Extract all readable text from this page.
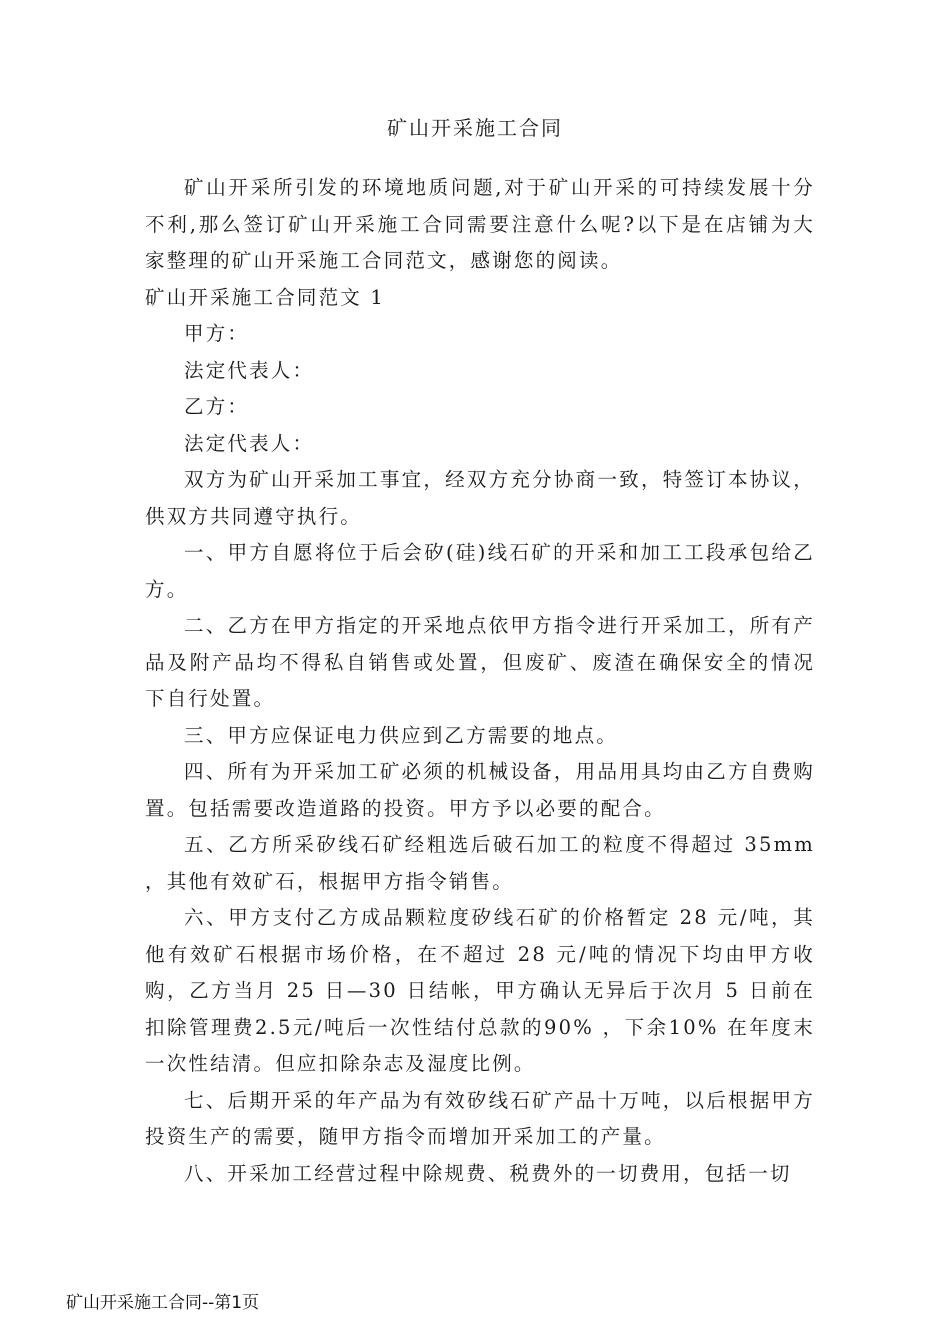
矿山开采施工合同

矿山开采所引发的环境地质问题,对于矿山开采的可持续发展十分不利,那么签订矿山开采施工合同需要注意什么呢?以下是在店铺为大家整理的矿山开采施工合同范文，感谢您的阅读。

矿山开采施工合同范文 1

甲方：

法定代表人：

乙方：

法定代表人：

双方为矿山开采加工事宜，经双方充分协商一致，特签订本协议，供双方共同遵守执行。

一、甲方自愿将位于后会矽(硅)线石矿的开采和加工工段承包给乙方。

二、乙方在甲方指定的开采地点依甲方指令进行开采加工，所有产品及附产品均不得私自销售或处置，但废矿、废渣在确保安全的情况下自行处置。

三、甲方应保证电力供应到乙方需要的地点。

四、所有为开采加工矿必须的机械设备，用品用具均由乙方自费购置。包括需要改造道路的投资。甲方予以必要的配合。

五、乙方所采矽线石矿经粗选后破石加工的粒度不得超过 35mm ，其他有效矿石，根据甲方指令销售。

六、甲方支付乙方成品颗粒度矽线石矿的价格暂定 28 元/吨，其他有效矿石根据市场价格，在不超过 28 元/吨的情况下均由甲方收购，乙方当月 25 日—30 日结帐，甲方确认无异后于次月 5 日前在扣除管理费2.5元/吨后一次性结付总款的90% ，下余10% 在年度末一次性结清。但应扣除杂志及湿度比例。

七、后期开采的年产品为有效矽线石矿产品十万吨，以后根据甲方投资生产的需要，随甲方指令而增加开采加工的产量。

八、开采加工经营过程中除规费、税费外的一切费用，包括一切

矿山开采施工合同--第1页
